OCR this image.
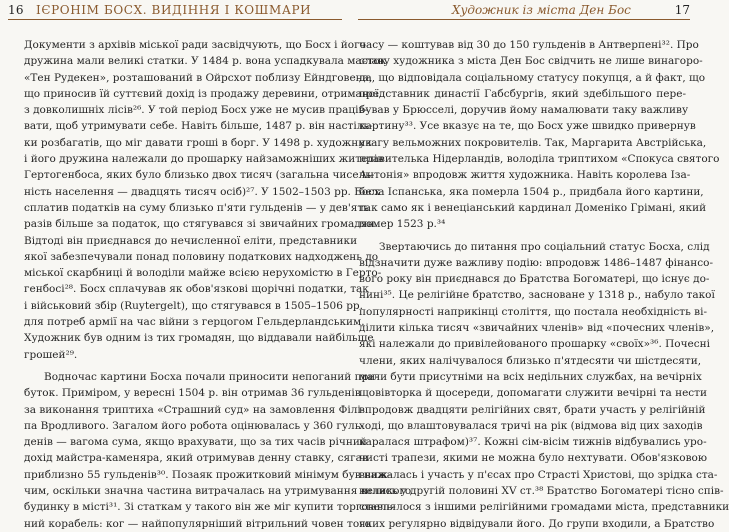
16 ІЄРОНІМ БОСХ. ВИДІННЯ І КОШМАРИ
Документи з архівів міської ради засвідчують, що Босх і його
дружина мали великі статки. У 1484 р. вона успадкувала маєток
«Тен Рудекен», розташований в Ойрсхот поблизу Ейндговена,
що приносив їй суттєвий дохід із продажу деревини, отриманої
з довколишніх лісів²⁶. У той період Босх уже не мусив праців-
вати, щоб утримувати себе. Навіть більше, 1487 р. він настіль-
ки розбагатів, що міг давати гроші в борг. У 1498 р. художник
і його дружина належали до прошарку найзаможніших жителів
Гертогенбоса, яких було близько двох тисяч (загальна чисель-
ність населення — двадцять тисяч осіб)²⁷. У 1502–1503 рр. Босх
сплатив податків на суму близько п'яти гульденів — у дев'ять
разів більше за податок, що стягувався зі звичайних громадян.
Відтоді він приєднався до нечисленної еліти, представники
якої забезпечували понад половину податкових надходжень до
міської скарбниці й володіли майже всією нерухомістю в Герто-
генбосі²⁸. Босх сплачував як обов'язкові щорічні податки, так
і військовий збір (Ruytergelt), що стягувався в 1505–1506 рр.
для потреб армії на час війни з герцогом Гельдерландським.
Художник був одним із тих громадян, що віддавали найбільше
грошей²⁹.
Водночас картини Босха почали приносити непоганий при-
буток. Приміром, у вересні 1504 р. він отримав 36 гульденів
за виконання триптиха «Страшний суд» на замовлення Філі-
па Вродливого. Загалом його робота оцінювалась у 360 гуль-
денів — вагома сума, якщо врахувати, що за тих часів річний
дохід майстра-каменяра, який отримував денну ставку, сягав
приблизно 55 гульденів³⁰. Позаяк прожитковий мінімум був ниж-
чим, оскільки значна частина витрачалась на утримування великого
будинку в місті³¹. Зі статкам у такого він же міг купити торговель-
ний корабель: ког — найпопулярніший вітрильний човен того
Художник із міста Ден Бос	17
часу — коштував від 30 до 150 гульденів в Антверпені³². Про
славу художника з міста Ден Бос свідчить не лише винагоро-
да, що відповідала соціальному статусу покупця, а й факт, що
представник династії Габсбургів, який здебільшого пере-
бував у Брюсселі, доручив йому намалювати таку важливу
картину³³. Усе вказує на те, що Босх уже швидко привернув
увагу вельможних покровителів. Так, Маргарита Австрійська,
правителька Нідерландів, володіла триптихом «Спокуса святого
Антонія» впродовж життя художника. Навіть королева Іза-
бела Іспанська, яка померла 1504 р., придбала його картини,
так само як і венеціанський кардинал Доменіко Грімані, який
помер 1523 р.³⁴
Звертаючись до питання про соціальний статус Босха, слід
відзначити дуже важливу подію: впродовж 1486–1487 фінансо-
вого року він приєднався до Братства Богоматері, що існує до-
нині³⁵. Це релігійне братство, засноване у 1318 р., набуло такої
популярності наприкінці століття, що постала необхідність ві-
ділити кілька тисяч «звичайних членів» від «почесних членів»,
які належали до привілейованого прошарку «своїх»³⁶. Почесні
члени, яких налічувалося близько п'ятдесяти чи шістдесяти,
мали бути присутніми на всіх недільних службах, на вечірніх
щовівторка й щосереди, допомагати служити вечірні та нести
впродовж двадцяти релігійних свят, брати участь у релігійній
ході, що влаштовувалася тричі на рік (відмова від цих заходів
каралася штрафом)³⁷. Кожні сім-вісім тижнів відбувались уро-
чисті трапези, якими не можна було нехтувати. Обов'язковою
вважалась і участь у п'єсах про Страсті Христові, що зрідка ста-
вились у другій половині XV ст.³⁸ Братство Богоматері тісно спів-
ставлялося з іншими релігійними громадами міста, представники
яких регулярно відвідували його. До групи входили, а Братство
